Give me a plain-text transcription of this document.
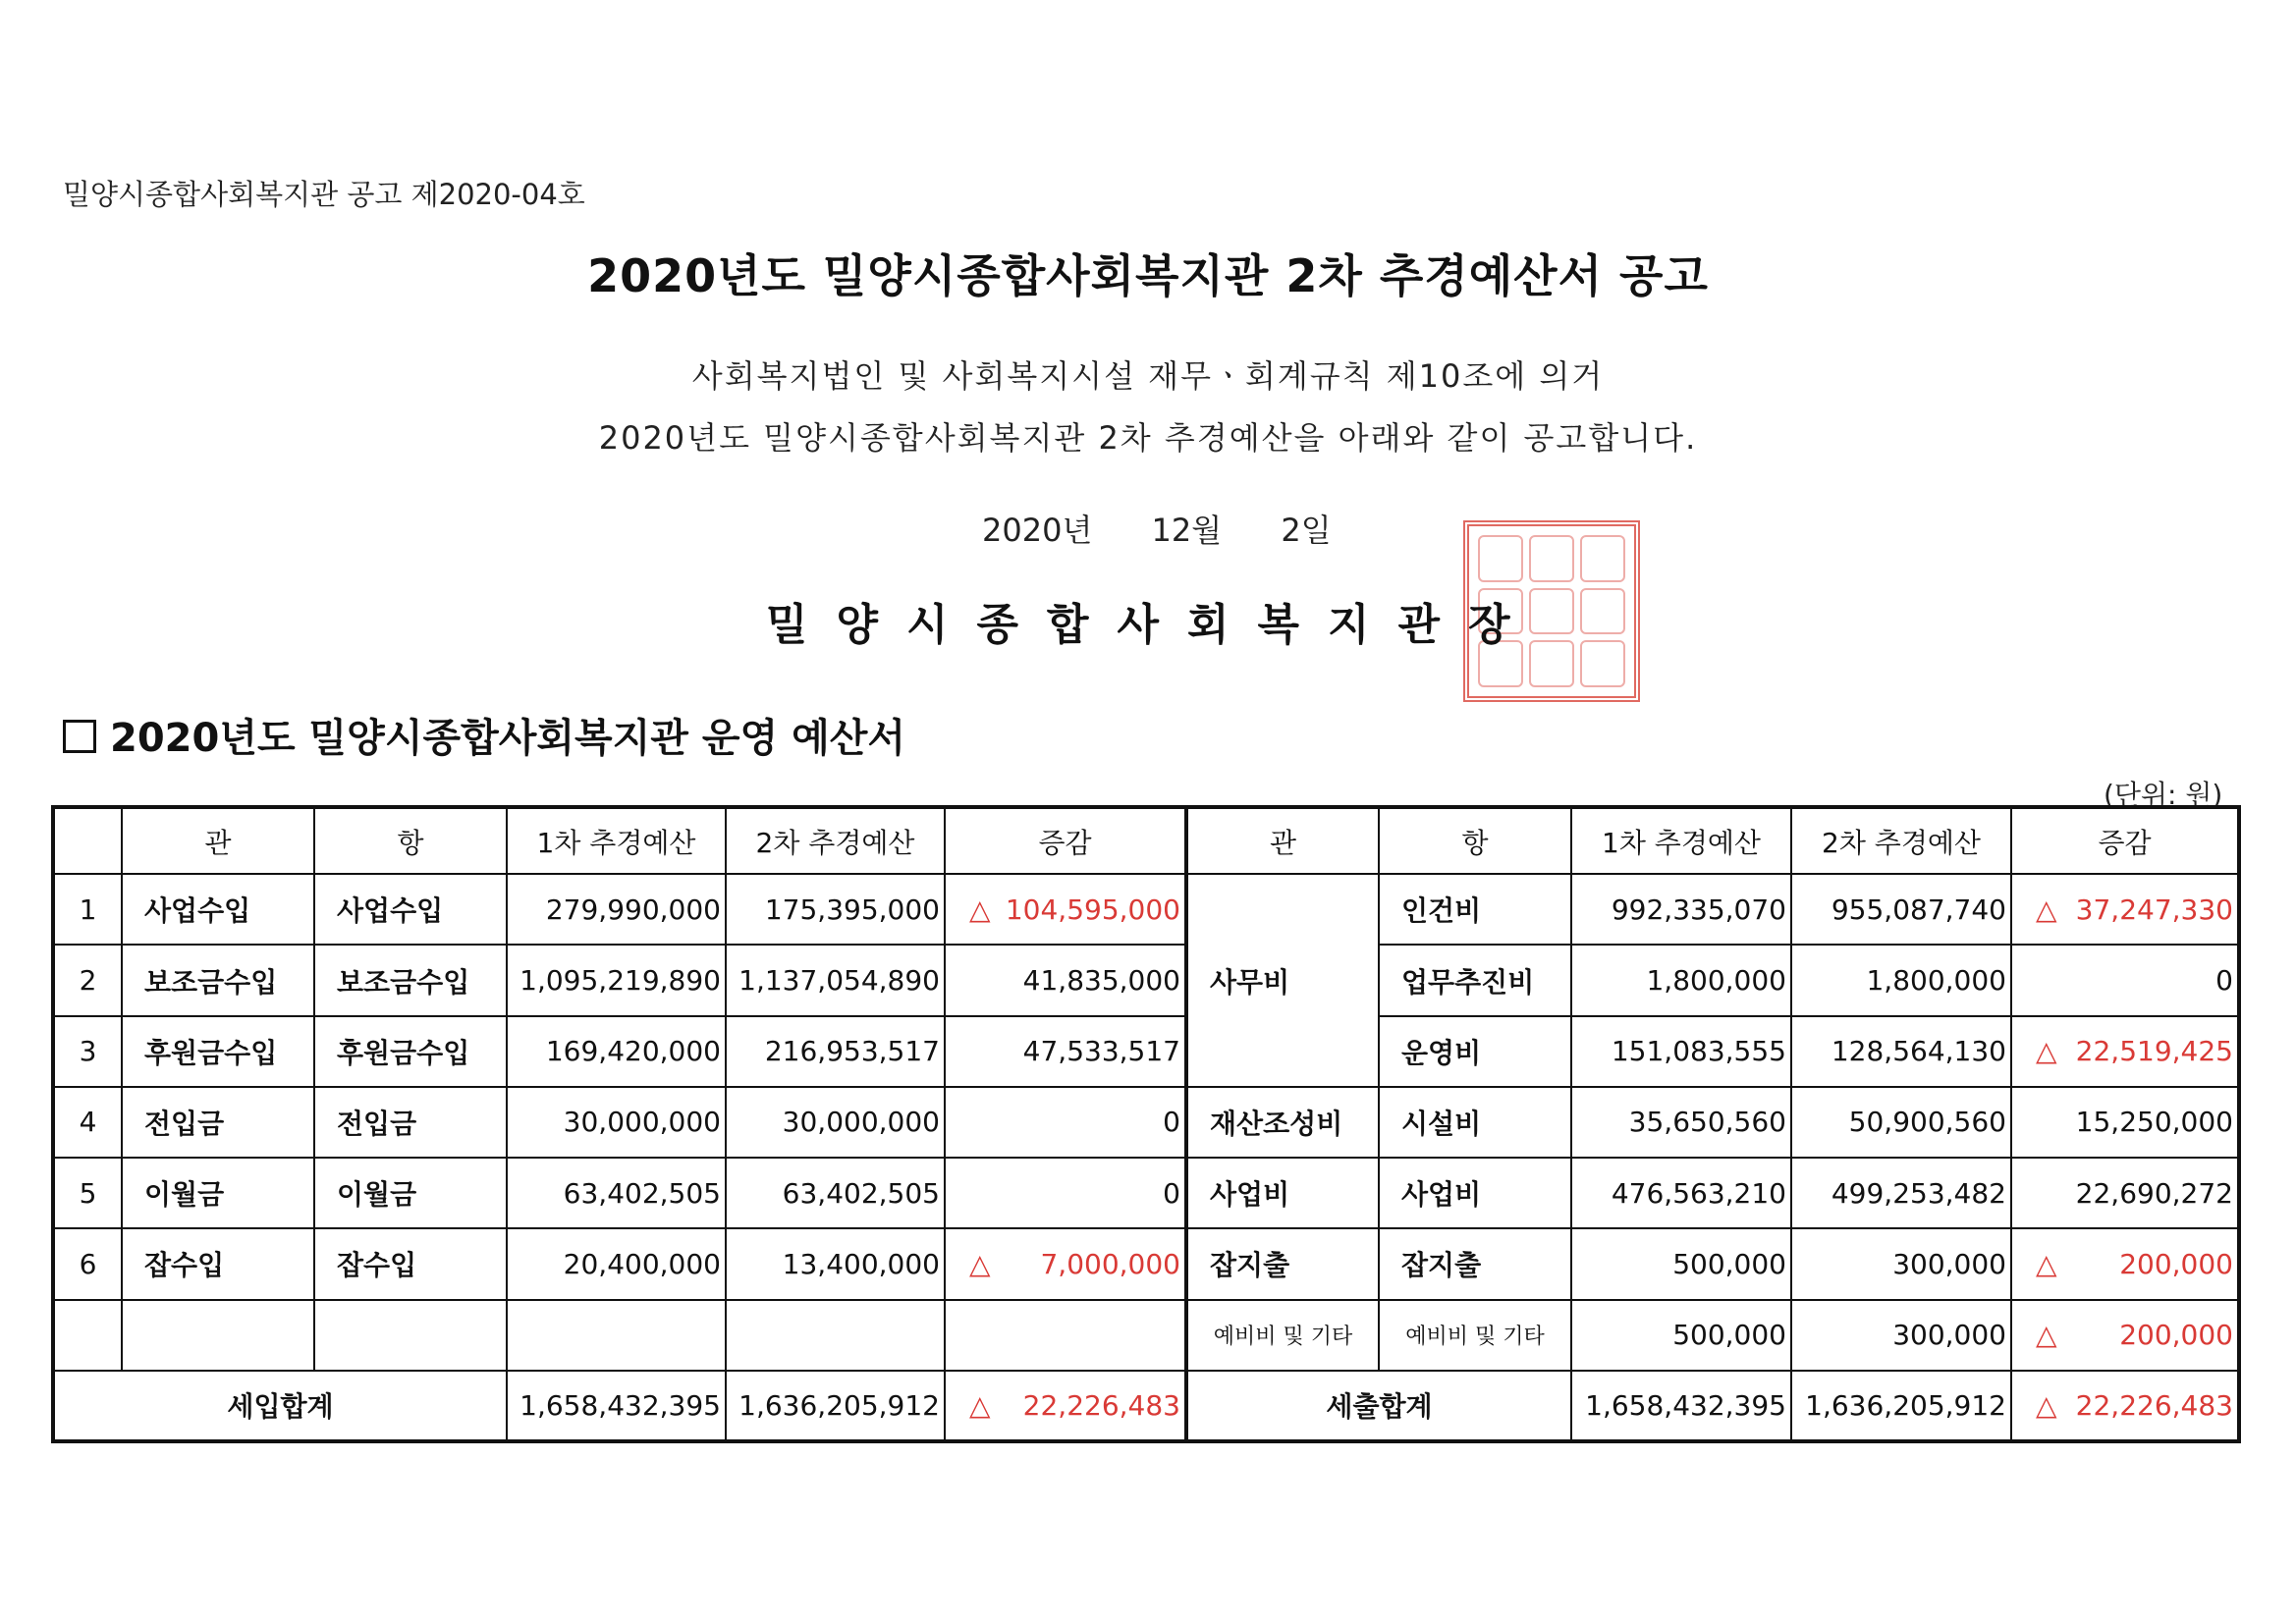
밀양시종합사회복지관 공고 제2020-04호
2020년도 밀양시종합사회복지관 2차 추경예산서 공고
사회복지법인 및 사회복지시설 재무ㆍ회계규칙 제10조에 의거
2020년도 밀양시종합사회복지관 2차 추경예산을 아래와 같이 공고합니다.
2020년 12월 2일
밀양시종합사회복지관장
2020년도 밀양시종합사회복지관 운영 예산서
(단위: 원)
	관	항	1차 추경예산	2차 추경예산	증감	관	항	1차 추경예산	2차 추경예산	증감
1	사업수입	사업수입	279,990,000	175,395,000	△ 104,595,000	사무비	인건비	992,335,070	955,087,740	△ 37,247,330
2	보조금수입	보조금수입	1,095,219,890	1,137,054,890	41,835,000		업무추진비	1,800,000	1,800,000	0
3	후원금수입	후원금수입	169,420,000	216,953,517	47,533,517		운영비	151,083,555	128,564,130	△ 22,519,425
4	전입금	전입금	30,000,000	30,000,000	0	재산조성비	시설비	35,650,560	50,900,560	15,250,000
5	이월금	이월금	63,402,505	63,402,505	0	사업비	사업비	476,563,210	499,253,482	22,690,272
6	잡수입	잡수입	20,400,000	13,400,000	△ 7,000,000	잡지출	잡지출	500,000	300,000	△ 200,000
						예비비 및 기타	예비비 및 기타	500,000	300,000	△ 200,000
세입합계			1,658,432,395	1,636,205,912	△ 22,226,483	세출합계		1,658,432,395	1,636,205,912	△ 22,226,483
